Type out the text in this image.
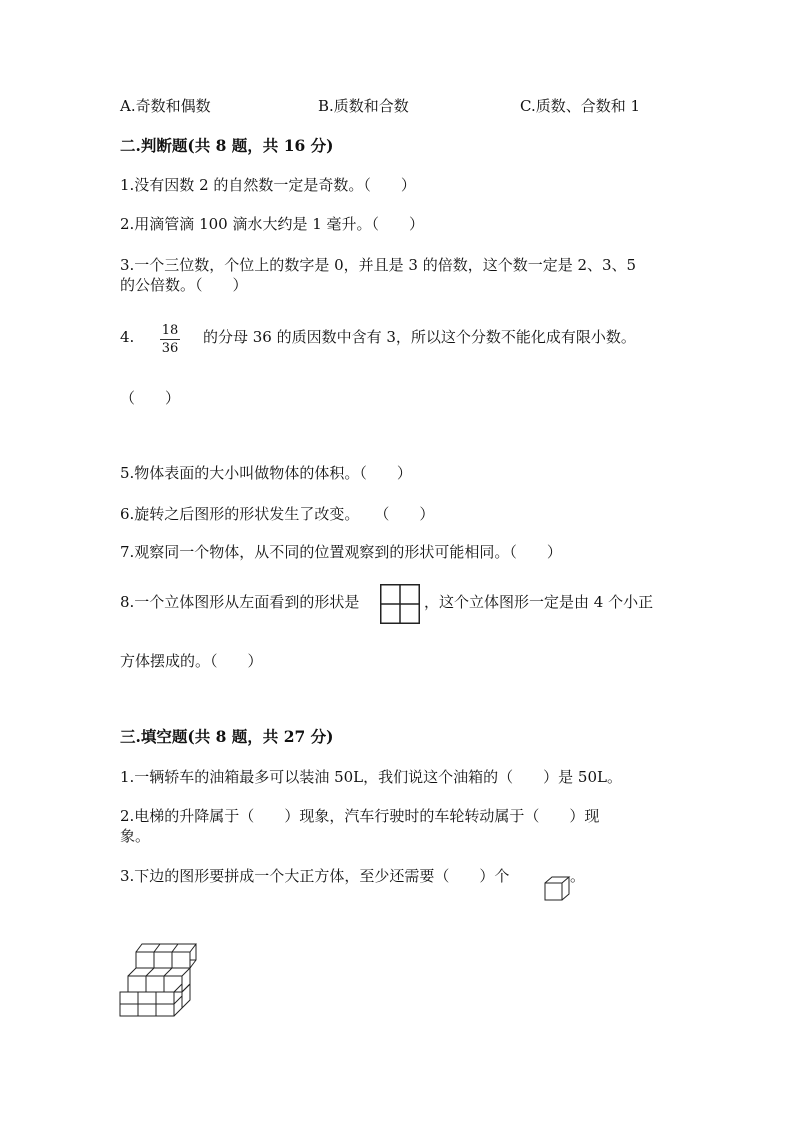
A.奇数和偶数	B.质数和合数	C.质数、合数和 1
二.判断题(共 8 题，共 16 分)
1.没有因数 2 的自然数一定是奇数。（　　）
2.用滴管滴 100 滴水大约是 1 毫升。（　　）
3.一个三位数，个位上的数字是 0，并且是 3 的倍数，这个数一定是 2、3、5
的公倍数。（　　）
4. 18
36
的分母 36 的质因数中含有 3，所以这个分数不能化成有限小数。
（　　）
5.物体表面的大小叫做物体的体积。（　　）
6.旋转之后图形的形状发生了改变。　　（　　）
7.观察同一个物体，从不同的位置观察到的形状可能相同。（　　）
8.一个立体图形从左面看到的形状是	，这个立体图形一定是由 4 个小正
方体摆成的。（　　）
三.填空题(共 8 题，共 27 分)
1.一辆轿车的油箱最多可以装油 50L，我们说这个油箱的（　　）是 50L。
2.电梯的升降属于（　　）现象，汽车行驶时的车轮转动属于（　　）现
象。
3.下边的图形要拼成一个大正方体，至少还需要（　　）个	。
